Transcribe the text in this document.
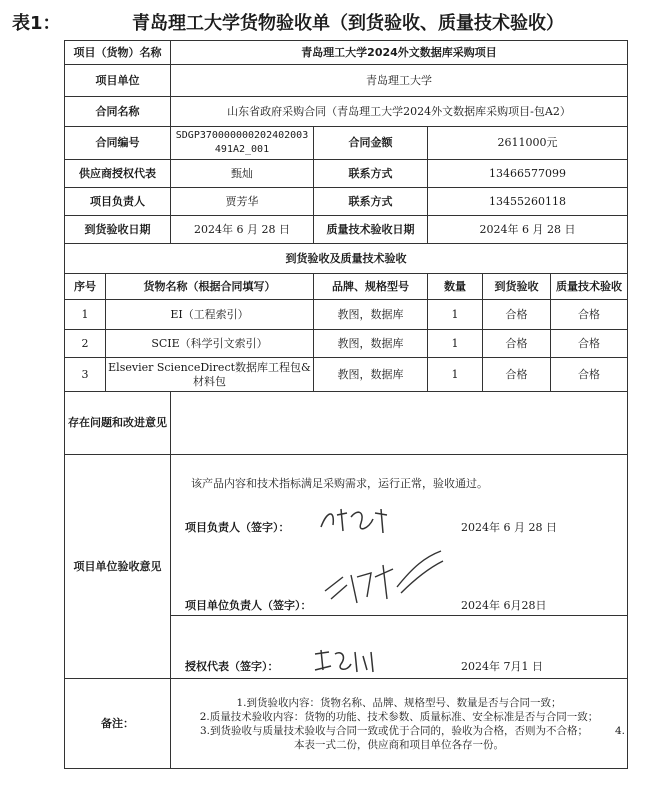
表1：	青岛理工大学货物验收单（到货验收、质量技术验收）
项目（货物）名称		青岛理工大学2024外文数据库采购项目				
项目单位		青岛理工大学				
合同名称		山东省政府采购合同（青岛理工大学2024外文数据库采购项目-包A2）				
合同编号		SDGP370000000202402003491A2_001	合同金额	2611000元		
供应商授权代表		甄灿	联系方式	13466577099		
项目负责人		贾芳华	联系方式	13455260118		
到货验收日期		2024年 6 月 28 日	质量技术验收日期	2024年 6 月 28 日		
到货验收及质量技术验收						
序号	货物名称（根据合同填写）		品牌、规格型号	数量	到货验收	质量技术验收
1	EI（工程索引）		教图，数据库	1	合格	合格
2	SCIE（科学引文索引）		教图，数据库	1	合格	合格
3	Elsevier ScienceDirect数据库工程包&材料包		教图，数据库	1	合格	合格
存在问题和改进意见						
项目单位验收意见		该产品内容和技术指标满足采购需求，运行正常，验收通过。
项目负责人（签字）： 2024年 6 月 28 日
项目单位负责人（签字）： 2024年 6月28日				

		授权代表（签字）： 2024年 7月1 日				

备注：		1.到货验收内容：货物名称、品牌、规格型号、数量是否与合同一致；
2.质量技术验收内容：货物的功能、技术参数、质量标准、安全标准是否与合同一致；
3.到货验收与质量技术验收与合同一致或优于合同的，验收为合格，否则为不合格； 4.
本表一式二份，供应商和项目单位各存一份。				
